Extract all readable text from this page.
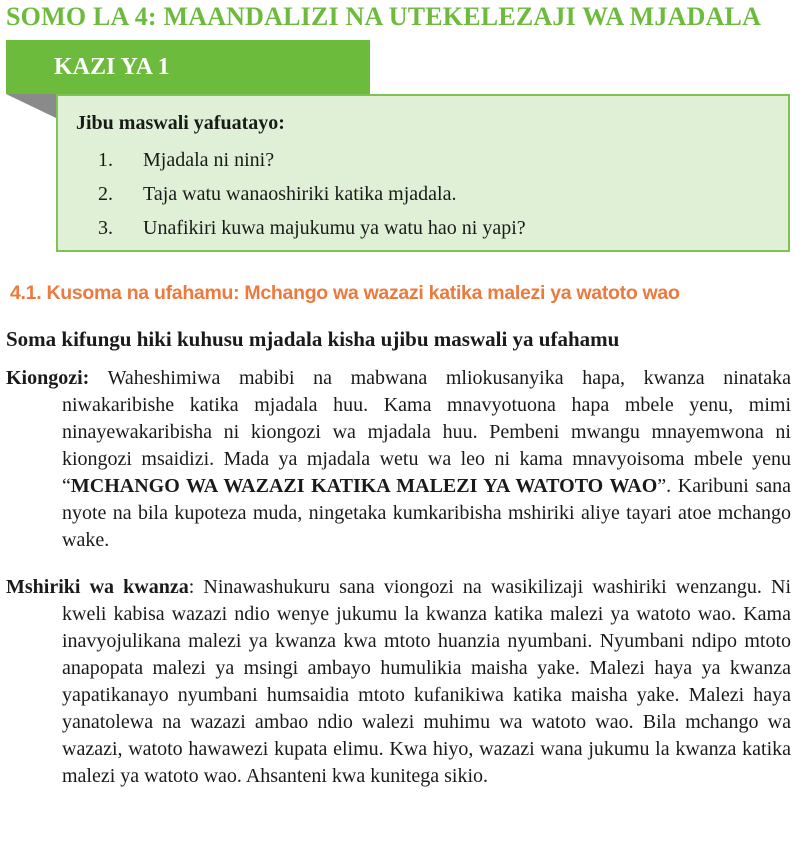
SOMO LA 4: MAANDALIZI NA UTEKELEZAJI WA MJADALA
KAZI YA 1
Jibu maswali yafuatayo:
1. Mjadala ni nini?
2. Taja watu wanaoshiriki katika mjadala.
3. Unafikiri kuwa majukumu ya watu hao ni yapi?
4.1. Kusoma na ufahamu: Mchango wa wazazi katika malezi ya watoto wao

Soma kifungu hiki kuhusu mjadala kisha ujibu maswali ya ufahamu

Kiongozi: Waheshimiwa mabibi na mabwana mliokusanyika hapa, kwanza ninataka niwakaribishe katika mjadala huu. Kama mnavyotuona hapa mbele yenu, mimi ninayewakaribisha ni kiongozi wa mjadala huu. Pembeni mwangu mnayemwona ni kiongozi msaidizi. Mada ya mjadala wetu wa leo ni kama mnavyoisoma mbele yenu “MCHANGO WA WAZAZI KATIKA MALEZI YA WATOTO WAO”. Karibuni sana nyote na bila kupoteza muda, ningetaka kumkaribisha mshiriki aliye tayari atoe mchango wake.

Mshiriki wa kwanza: Ninawashukuru sana viongozi na wasikilizaji washiriki wenzangu. Ni kweli kabisa wazazi ndio wenye jukumu la kwanza katika malezi ya watoto wao. Kama inavyojulikana malezi ya kwanza kwa mtoto huanzia nyumbani. Nyumbani ndipo mtoto anapopata malezi ya msingi ambayo humulikia maisha yake. Malezi haya ya kwanza yapatikanayo nyumbani humsaidia mtoto kufanikiwa katika maisha yake. Malezi haya yanatolewa na wazazi ambao ndio walezi muhimu wa watoto wao. Bila mchango wa wazazi, watoto hawawezi kupata elimu. Kwa hiyo, wazazi wana jukumu la kwanza katika malezi ya watoto wao. Ahsanteni kwa kunitega sikio.
